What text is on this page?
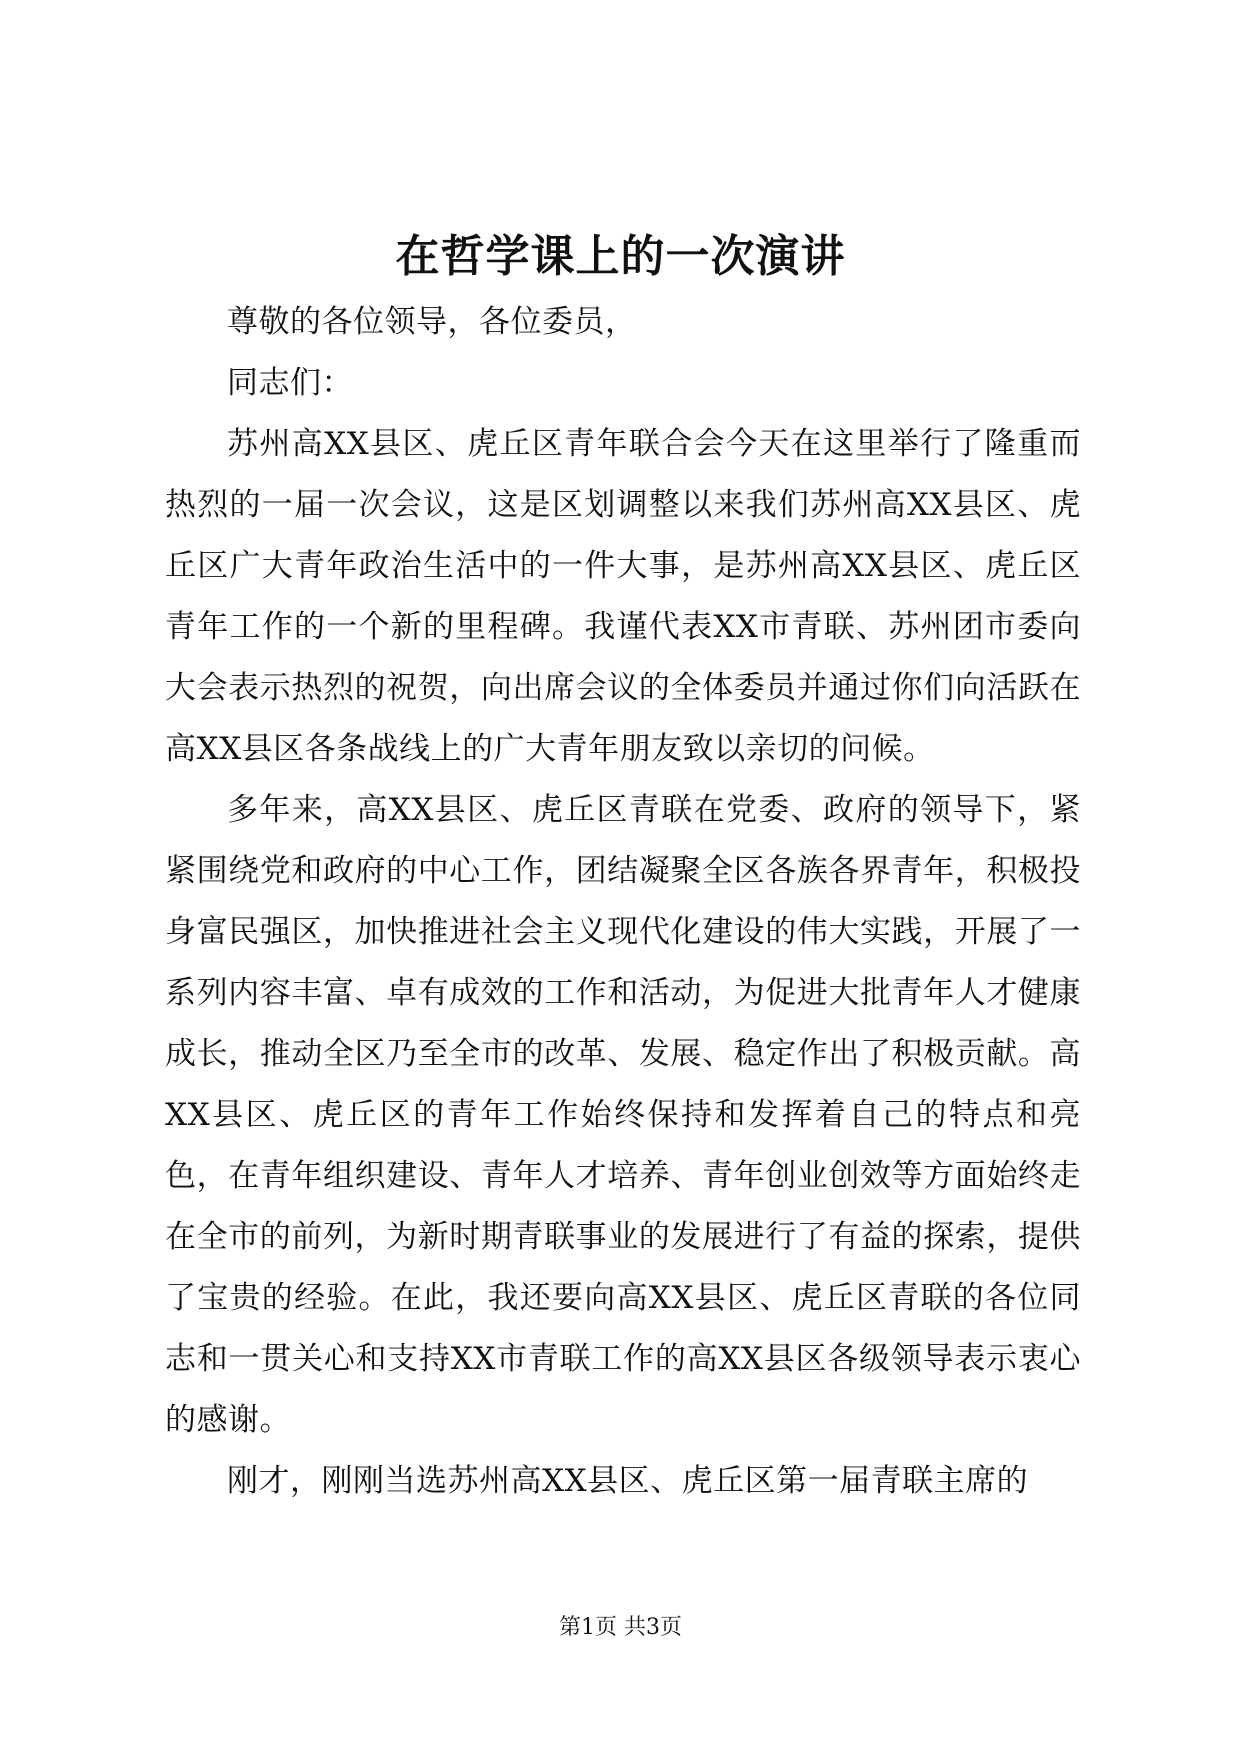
在哲学课上的一次演讲

尊敬的各位领导，各位委员，

同志们：

苏州高XX县区、虎丘区青年联合会今天在这里举行了隆重而热烈的一届一次会议，这是区划调整以来我们苏州高XX县区、虎丘区广大青年政治生活中的一件大事，是苏州高XX县区、虎丘区青年工作的一个新的里程碑。我谨代表XX市青联、苏州团市委向大会表示热烈的祝贺，向出席会议的全体委员并通过你们向活跃在高XX县区各条战线上的广大青年朋友致以亲切的问候。

多年来，高XX县区、虎丘区青联在党委、政府的领导下，紧紧围绕党和政府的中心工作，团结凝聚全区各族各界青年，积极投身富民强区，加快推进社会主义现代化建设的伟大实践，开展了一系列内容丰富、卓有成效的工作和活动，为促进大批青年人才健康成长，推动全区乃至全市的改革、发展、稳定作出了积极贡献。高XX县区、虎丘区的青年工作始终保持和发挥着自己的特点和亮色，在青年组织建设、青年人才培养、青年创业创效等方面始终走在全市的前列，为新时期青联事业的发展进行了有益的探索，提供了宝贵的经验。在此，我还要向高XX县区、虎丘区青联的各位同志和一贯关心和支持XX市青联工作的高XX县区各级领导表示衷心的感谢。

刚才，刚刚当选苏州高XX县区、虎丘区第一届青联主席的

第1页 共3页
